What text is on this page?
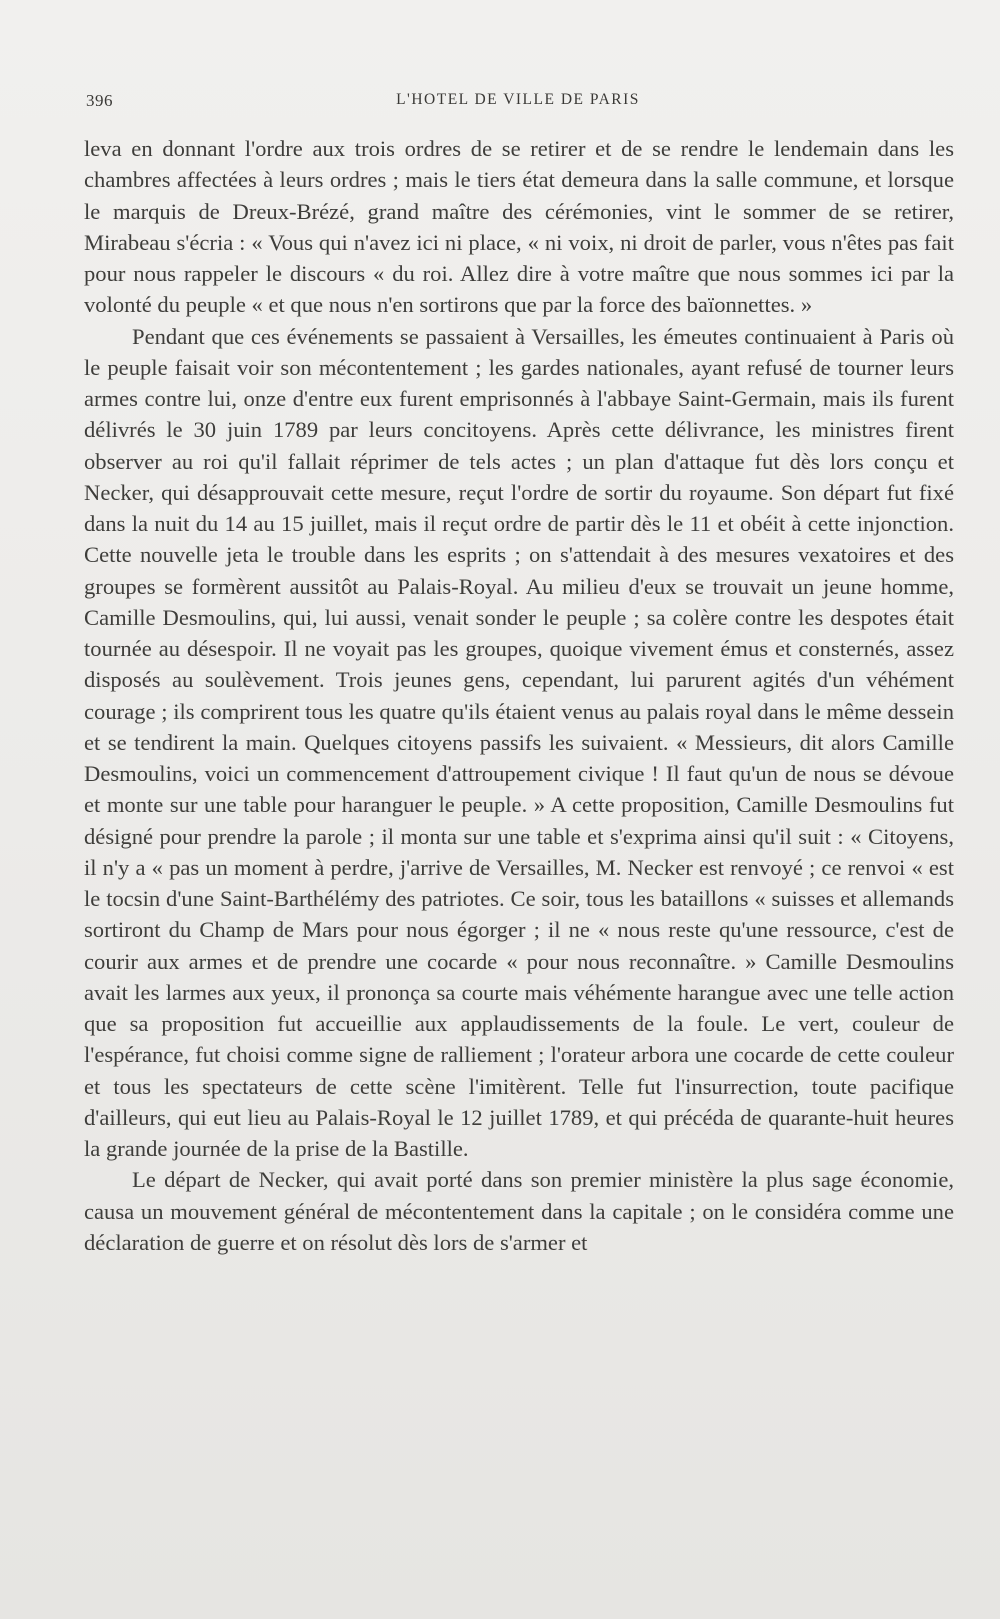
396	L'HOTEL DE VILLE DE PARIS

leva en donnant l'ordre aux trois ordres de se retirer et de se rendre le lendemain dans les chambres affectées à leurs ordres ; mais le tiers état demeura dans la salle commune, et lorsque le marquis de Dreux-Brézé, grand maître des cérémonies, vint le sommer de se retirer, Mirabeau s'écria : « Vous qui n'avez ici ni place, « ni voix, ni droit de parler, vous n'êtes pas fait pour nous rappeler le discours « du roi. Allez dire à votre maître que nous sommes ici par la volonté du peuple « et que nous n'en sortirons que par la force des baïonnettes. »

Pendant que ces événements se passaient à Versailles, les émeutes continuaient à Paris où le peuple faisait voir son mécontentement ; les gardes nationales, ayant refusé de tourner leurs armes contre lui, onze d'entre eux furent emprisonnés à l'abbaye Saint-Germain, mais ils furent délivrés le 30 juin 1789 par leurs concitoyens. Après cette délivrance, les ministres firent observer au roi qu'il fallait réprimer de tels actes ; un plan d'attaque fut dès lors conçu et Necker, qui désapprouvait cette mesure, reçut l'ordre de sortir du royaume. Son départ fut fixé dans la nuit du 14 au 15 juillet, mais il reçut ordre de partir dès le 11 et obéit à cette injonction. Cette nouvelle jeta le trouble dans les esprits ; on s'attendait à des mesures vexatoires et des groupes se formèrent aussitôt au Palais-Royal. Au milieu d'eux se trouvait un jeune homme, Camille Desmoulins, qui, lui aussi, venait sonder le peuple ; sa colère contre les despotes était tournée au désespoir. Il ne voyait pas les groupes, quoique vivement émus et consternés, assez disposés au soulèvement. Trois jeunes gens, cependant, lui parurent agités d'un véhément courage ; ils comprirent tous les quatre qu'ils étaient venus au palais royal dans le même dessein et se tendirent la main. Quelques citoyens passifs les suivaient. « Messieurs, dit alors Camille Desmoulins, voici un commencement d'attroupement civique ! Il faut qu'un de nous se dévoue et monte sur une table pour haranguer le peuple. » A cette proposition, Camille Desmoulins fut désigné pour prendre la parole ; il monta sur une table et s'exprima ainsi qu'il suit : « Citoyens, il n'y a « pas un moment à perdre, j'arrive de Versailles, M. Necker est renvoyé ; ce renvoi « est le tocsin d'une Saint-Barthélémy des patriotes. Ce soir, tous les bataillons « suisses et allemands sortiront du Champ de Mars pour nous égorger ; il ne « nous reste qu'une ressource, c'est de courir aux armes et de prendre une cocarde « pour nous reconnaître. » Camille Desmoulins avait les larmes aux yeux, il prononça sa courte mais véhémente harangue avec une telle action que sa proposition fut accueillie aux applaudissements de la foule. Le vert, couleur de l'espérance, fut choisi comme signe de ralliement ; l'orateur arbora une cocarde de cette couleur et tous les spectateurs de cette scène l'imitèrent. Telle fut l'insurrection, toute pacifique d'ailleurs, qui eut lieu au Palais-Royal le 12 juillet 1789, et qui précéda de quarante-huit heures la grande journée de la prise de la Bastille.

Le départ de Necker, qui avait porté dans son premier ministère la plus sage économie, causa un mouvement général de mécontentement dans la capitale ; on le considéra comme une déclaration de guerre et on résolut dès lors de s'armer et
